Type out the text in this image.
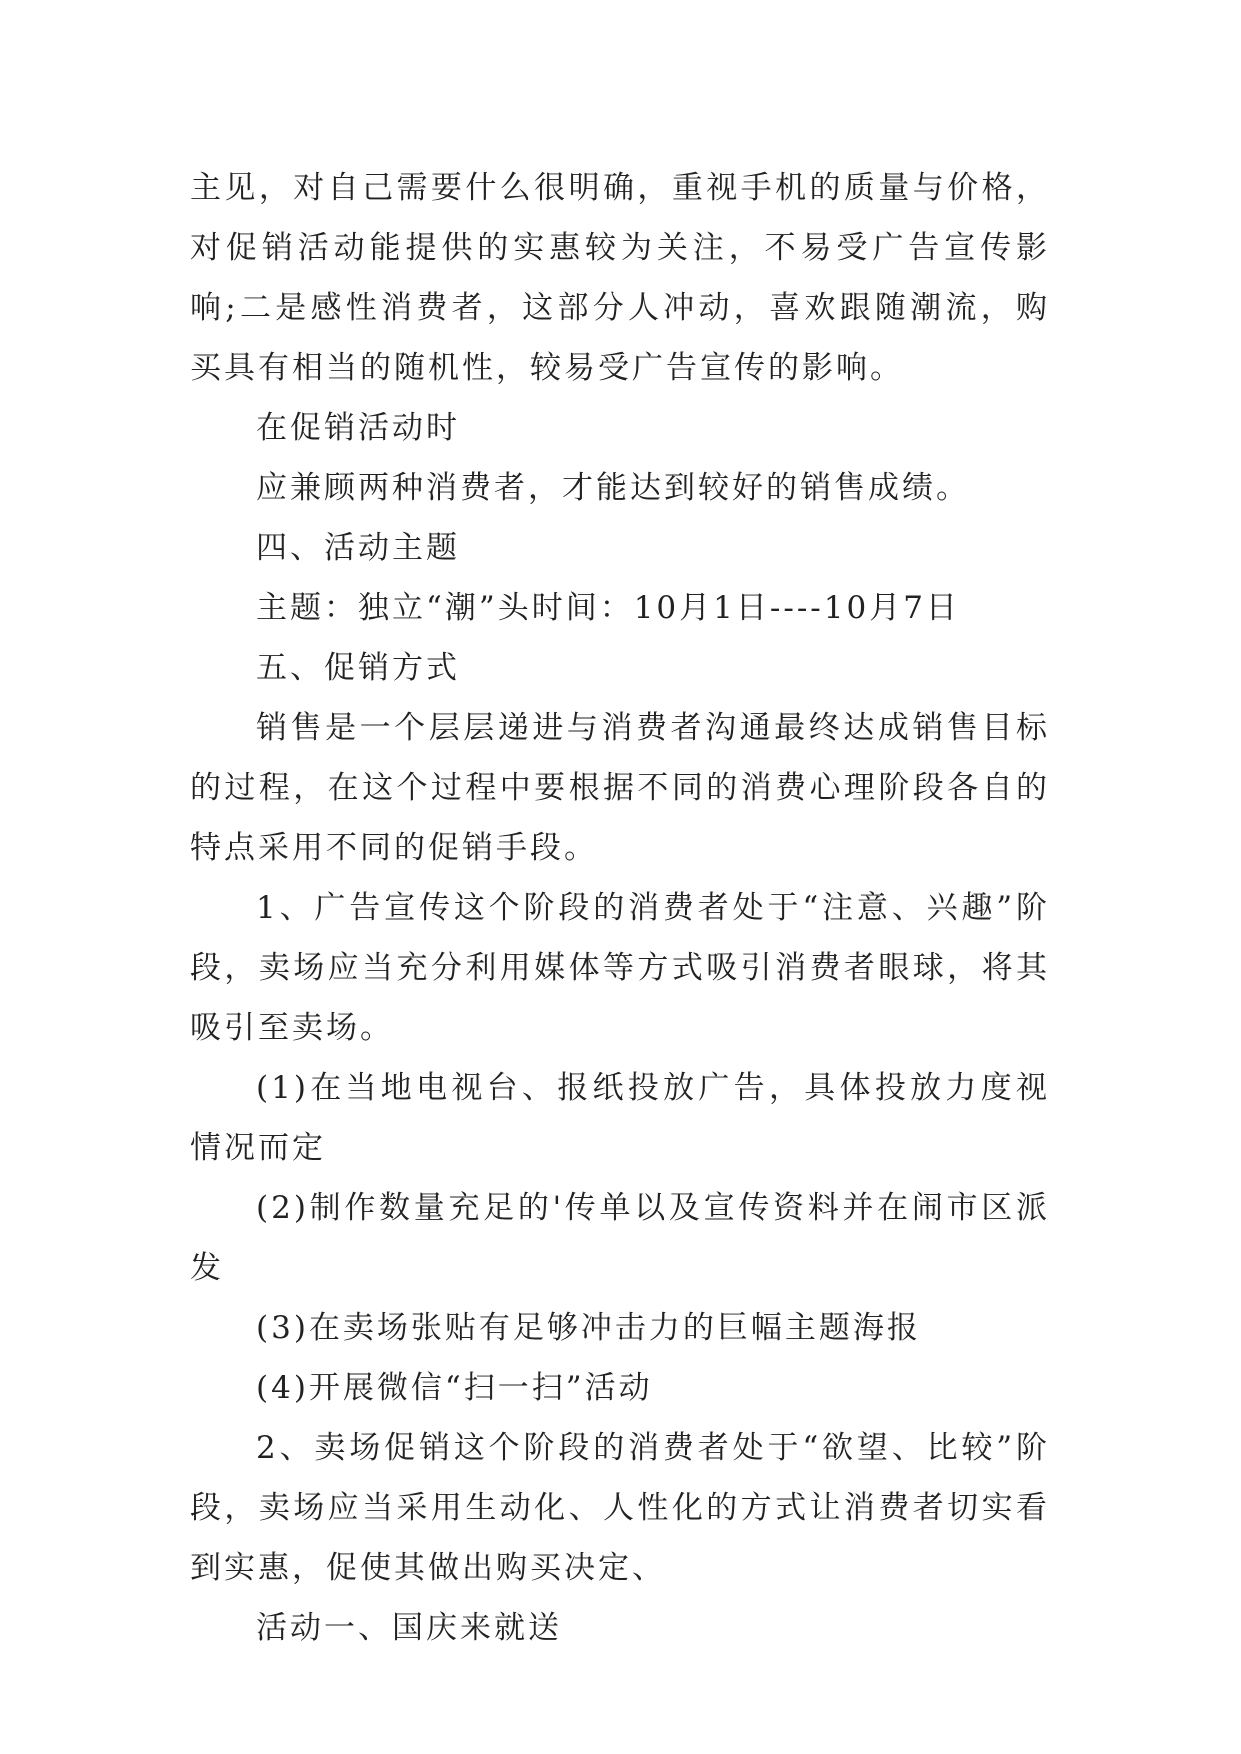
主见，对自己需要什么很明确，重视手机的质量与价格，对促销活动能提供的实惠较为关注，不易受广告宣传影响;二是感性消费者，这部分人冲动，喜欢跟随潮流，购买具有相当的随机性，较易受广告宣传的影响。

在促销活动时

应兼顾两种消费者，才能达到较好的销售成绩。

四、活动主题

主题：独立“潮”头时间：10月1日----10月7日

五、促销方式

销售是一个层层递进与消费者沟通最终达成销售目标的过程，在这个过程中要根据不同的消费心理阶段各自的特点采用不同的促销手段。

1、广告宣传这个阶段的消费者处于“注意、兴趣”阶段，卖场应当充分利用媒体等方式吸引消费者眼球，将其吸引至卖场。

(1)在当地电视台、报纸投放广告，具体投放力度视情况而定

(2)制作数量充足的'传单以及宣传资料并在闹市区派发

(3)在卖场张贴有足够冲击力的巨幅主题海报

(4)开展微信“扫一扫”活动

2、卖场促销这个阶段的消费者处于“欲望、比较”阶段，卖场应当采用生动化、人性化的方式让消费者切实看到实惠，促使其做出购买决定、

活动一、国庆来就送
